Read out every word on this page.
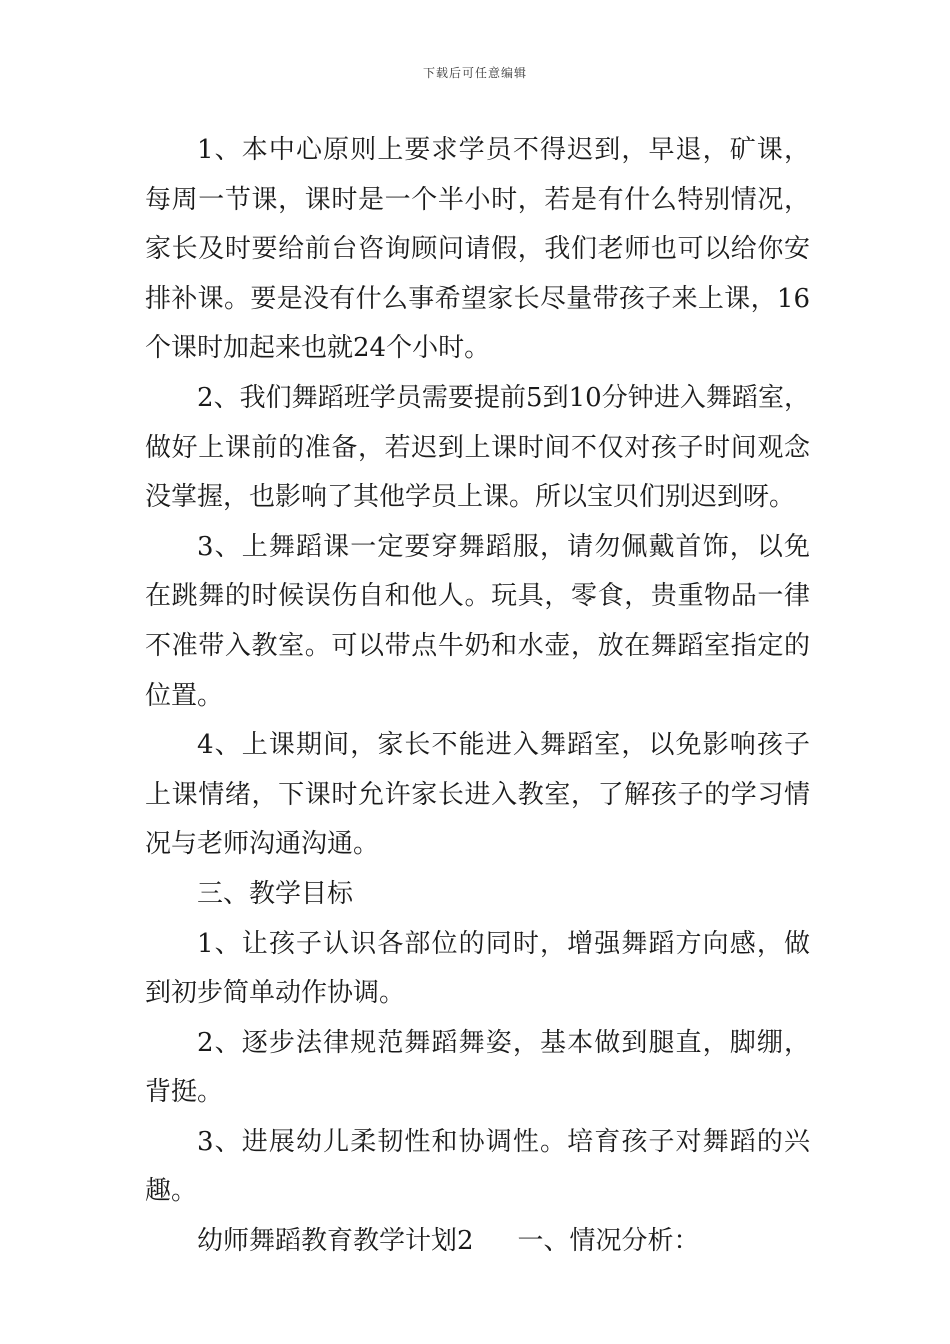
下载后可任意编辑

1、本中心原则上要求学员不得迟到，早退，矿课，每周一节课，课时是一个半小时，若是有什么特别情况，家长及时要给前台咨询顾问请假，我们老师也可以给你安排补课。要是没有什么事希望家长尽量带孩子来上课，16个课时加起来也就24个小时。

2、我们舞蹈班学员需要提前5到10分钟进入舞蹈室，做好上课前的准备，若迟到上课时间不仅对孩子时间观念没掌握，也影响了其他学员上课。所以宝贝们别迟到呀。

3、上舞蹈课一定要穿舞蹈服，请勿佩戴首饰，以免在跳舞的时候误伤自和他人。玩具，零食，贵重物品一律不准带入教室。可以带点牛奶和水壶，放在舞蹈室指定的位置。

4、上课期间，家长不能进入舞蹈室，以免影响孩子上课情绪，下课时允许家长进入教室，了解孩子的学习情况与老师沟通沟通。

三、教学目标

1、让孩子认识各部位的同时，增强舞蹈方向感，做到初步简单动作协调。

2、逐步法律规范舞蹈舞姿，基本做到腿直，脚绷，背挺。

3、进展幼儿柔韧性和协调性。培育孩子对舞蹈的兴趣。

幼师舞蹈教育教学计划2 一、情况分析：
